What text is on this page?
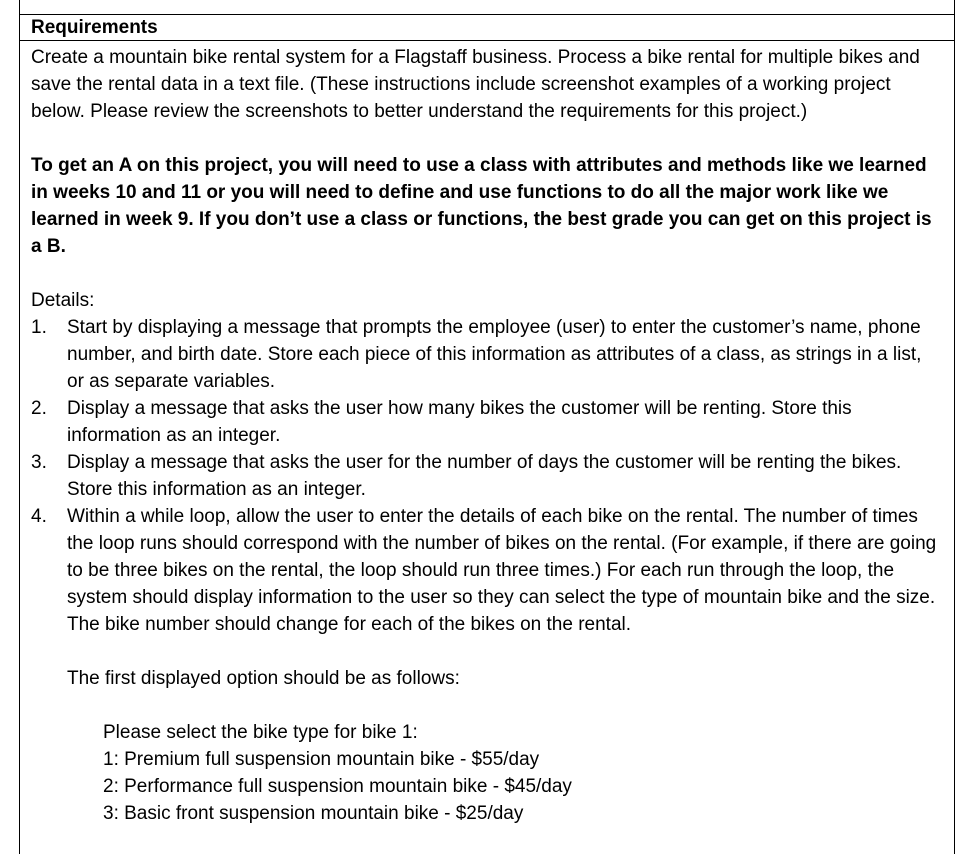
Requirements

Create a mountain bike rental system for a Flagstaff business. Process a bike rental for multiple bikes and save the rental data in a text file. (These instructions include screenshot examples of a working project below. Please review the screenshots to better understand the requirements for this project.)

To get an A on this project, you will need to use a class with attributes and methods like we learned in weeks 10 and 11 or you will need to define and use functions to do all the major work like we learned in week 9. If you don’t use a class or functions, the best grade you can get on this project is a B.

Details:

1. Start by displaying a message that prompts the employee (user) to enter the customer’s name, phone number, and birth date. Store each piece of this information as attributes of a class, as strings in a list, or as separate variables.
2. Display a message that asks the user how many bikes the customer will be renting. Store this information as an integer.
3. Display a message that asks the user for the number of days the customer will be renting the bikes. Store this information as an integer.
4. Within a while loop, allow the user to enter the details of each bike on the rental. The number of times the loop runs should correspond with the number of bikes on the rental. (For example, if there are going to be three bikes on the rental, the loop should run three times.) For each run through the loop, the system should display information to the user so they can select the type of mountain bike and the size. The bike number should change for each of the bikes on the rental.

The first displayed option should be as follows:

Please select the bike type for bike 1:
1: Premium full suspension mountain bike - $55/day
2: Performance full suspension mountain bike - $45/day
3: Basic front suspension mountain bike - $25/day
